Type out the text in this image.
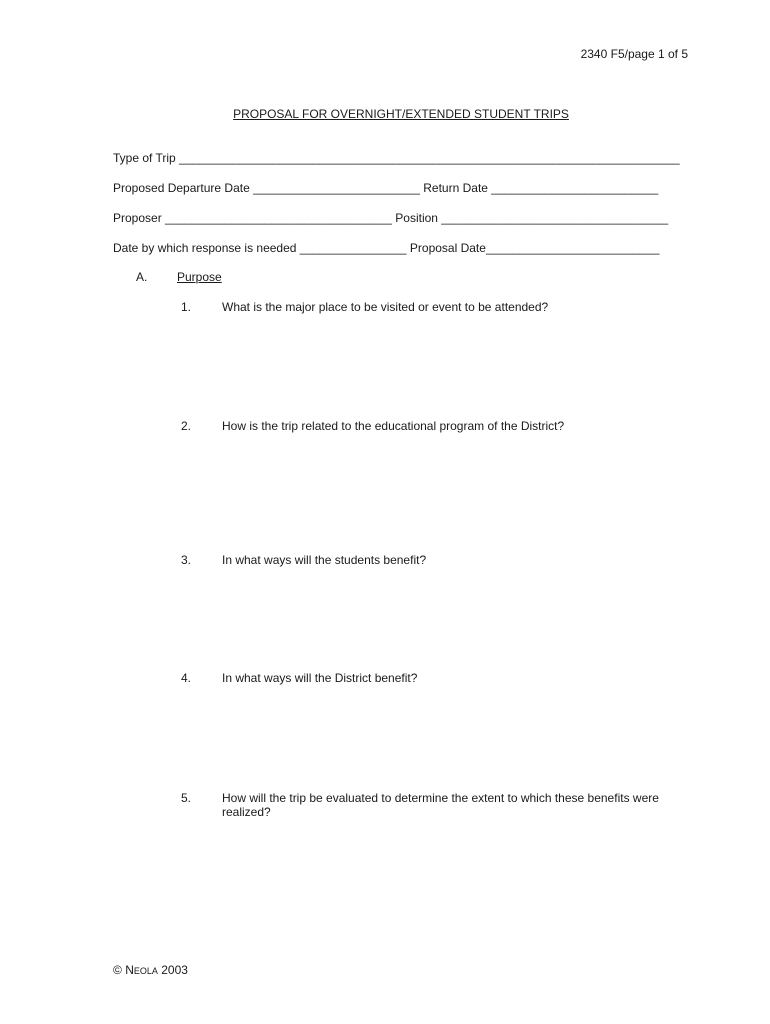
2340 F5/page 1 of 5
PROPOSAL FOR OVERNIGHT/EXTENDED STUDENT TRIPS
Type of Trip ___________________________________________________________________________
Proposed Departure Date _________________________ Return Date _________________________
Proposer __________________________________ Position __________________________________
Date by which response is needed ________________ Proposal Date__________________________
A. Purpose
1.	What is the major place to be visited or event to be attended?
2.	How is the trip related to the educational program of the District?
3.	In what ways will the students benefit?
4.	In what ways will the District benefit?
5.	How will the trip be evaluated to determine the extent to which these benefits were realized?
© NEOLA 2003
